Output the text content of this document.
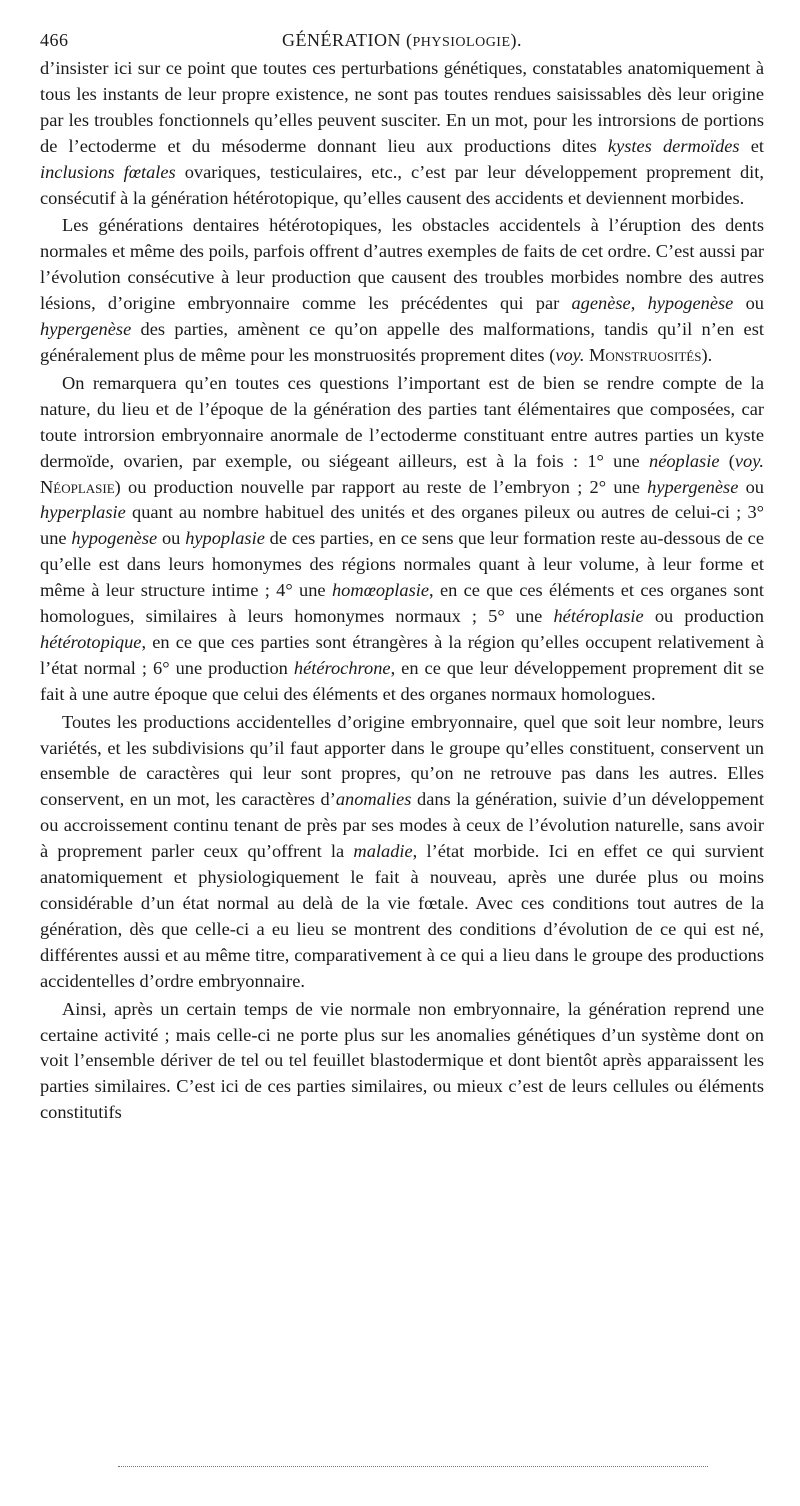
466	GÉNÉRATION (PHYSIOLOGIE).

d’insister ici sur ce point que toutes ces perturbations génétiques, constatables anatomiquement à tous les instants de leur propre existence, ne sont pas toutes rendues saisissables dès leur origine par les troubles fonctionnels qu’elles peuvent susciter. En un mot, pour les introrsions de portions de l’ectoderme et du mésoderme donnant lieu aux productions dites kystes dermoïdes et inclusions fœtales ovariques, testiculaires, etc., c’est par leur développement proprement dit, consécutif à la génération hétérotopique, qu’elles causent des accidents et deviennent morbides.

Les générations dentaires hétérotopiques, les obstacles accidentels à l’éruption des dents normales et même des poils, parfois offrent d’autres exemples de faits de cet ordre. C’est aussi par l’évolution consécutive à leur production que causent des troubles morbides nombre des autres lésions, d’origine embryonnaire comme les précédentes qui par agenèse, hypogenèse ou hypergenèse des parties, amènent ce qu’on appelle des malformations, tandis qu’il n’en est généralement plus de même pour les monstruosités proprement dites (voy. Monstruosités).

On remarquera qu’en toutes ces questions l’important est de bien se rendre compte de la nature, du lieu et de l’époque de la génération des parties tant élémentaires que composées, car toute introrsion embryonnaire anormale de l’ectoderme constituant entre autres parties un kyste dermoïde, ovarien, par exemple, ou siégeant ailleurs, est à la fois : 1° une néoplasie (voy. Néoplasie) ou production nouvelle par rapport au reste de l’embryon ; 2° une hypergenèse ou hyperplasie quant au nombre habituel des unités et des organes pileux ou autres de celui-ci ; 3° une hypogenèse ou hypoplasie de ces parties, en ce sens que leur formation reste au-dessous de ce qu’elle est dans leurs homonymes des régions normales quant à leur volume, à leur forme et même à leur structure intime ; 4° une homœoplasie, en ce que ces éléments et ces organes sont homologues, similaires à leurs homonymes normaux ; 5° une hétéroplasie ou production hétérotopique, en ce que ces parties sont étrangères à la région qu’elles occupent relativement à l’état normal ; 6° une production hétérochrone, en ce que leur développement proprement dit se fait à une autre époque que celui des éléments et des organes normaux homologues.

Toutes les productions accidentelles d’origine embryonnaire, quel que soit leur nombre, leurs variétés, et les subdivisions qu’il faut apporter dans le groupe qu’elles constituent, conservent un ensemble de caractères qui leur sont propres, qu’on ne retrouve pas dans les autres. Elles conservent, en un mot, les caractères d’anomalies dans la génération, suivie d’un développement ou accroissement continu tenant de près par ses modes à ceux de l’évolution naturelle, sans avoir à proprement parler ceux qu’offrent la maladie, l’état morbide. Ici en effet ce qui survient anatomiquement et physiologiquement le fait à nouveau, après une durée plus ou moins considérable d’un état normal au delà de la vie fœtale. Avec ces conditions tout autres de la génération, dès que celle-ci a eu lieu se montrent des conditions d’évolution de ce qui est né, différentes aussi et au même titre, comparativement à ce qui a lieu dans le groupe des productions accidentelles d’ordre embryonnaire.

Ainsi, après un certain temps de vie normale non embryonnaire, la génération reprend une certaine activité ; mais celle-ci ne porte plus sur les anomalies génétiques d’un système dont on voit l’ensemble dériver de tel ou tel feuillet blastodermique et dont bientôt après apparaissent les parties similaires. C’est ici de ces parties similaires, ou mieux c’est de leurs cellules ou éléments constitutifs
